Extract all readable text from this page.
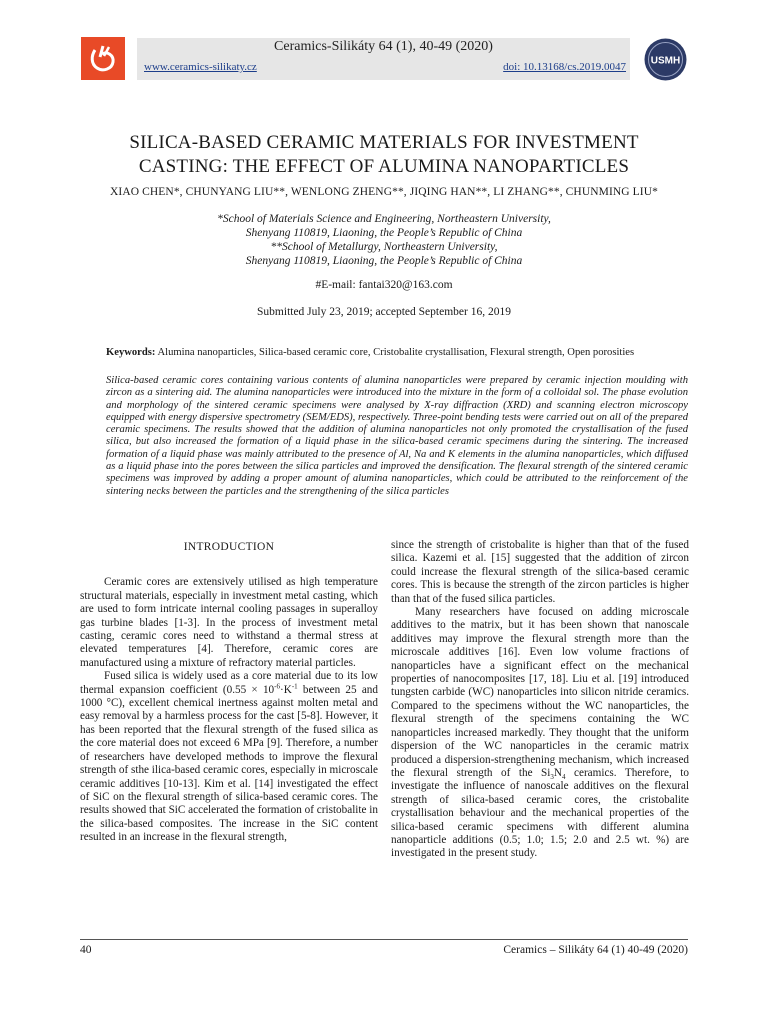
Ceramics-Silikáty 64 (1), 40-49 (2020)
www.ceramics-silikaty.cz	doi: 10.13168/cs.2019.0047 USMH
SILICA-BASED CERAMIC MATERIALS FOR INVESTMENT
CASTING: THE EFFECT OF ALUMINA NANOPARTICLES
XIAO CHEN*, CHUNYANG LIU**, WENLONG ZHENG**, JIQING HAN**, LI ZHANG**, CHUNMING LIU*
*School of Materials Science and Engineering, Northeastern University,
Shenyang 110819, Liaoning, the People’s Republic of China
**School of Metallurgy, Northeastern University,
Shenyang 110819, Liaoning, the People’s Republic of China
#E-mail: fantai320@163.com
Submitted July 23, 2019; accepted September 16, 2019
Keywords: Alumina nanoparticles, Silica-based ceramic core, Cristobalite crystallisation, Flexural strength, Open porosities
Silica-based ceramic cores containing various contents of alumina nanoparticles were prepared by ceramic injection moulding with zircon as a sintering aid. The alumina nanoparticles were introduced into the mixture in the form of a colloidal sol. The phase evolution and morphology of the sintered ceramic specimens were analysed by X-ray diffraction (XRD) and scanning electron microscopy equipped with energy dispersive spectrometry (SEM/EDS), respectively. Three-point bending tests were carried out on all of the prepared ceramic specimens. The results showed that the addition of alumina nanoparticles not only promoted the crystallisation of the fused silica, but also increased the formation of a liquid phase in the silica-based ceramic specimens during the sintering. The increased formation of a liquid phase was mainly attributed to the presence of Al, Na and K elements in the alumina nanoparticles, which diffused as a liquid phase into the pores between the silica particles and improved the densification. The flexural strength of the sintered ceramic specimens was improved by adding a proper amount of alumina nanoparticles, which could be attributed to the reinforcement of the sintering necks between the particles and the strengthening of the silica particles

INTRODUCTION

Ceramic cores are extensively utilised as high temperature structural materials, especially in investment metal casting, which are used to form intricate internal cooling passages in superalloy gas turbine blades [1-3]. In the process of investment metal casting, ceramic cores need to withstand a thermal stress at elevated temperatures [4]. Therefore, ceramic cores are manufactured using a mixture of refractory material particles.

Fused silica is widely used as a core material due to its low thermal expansion coefficient ($0.55 \times 10^{-6}\cdot K^{-1}$ between 25 and 1000 °C), excellent chemical inertness against molten metal and easy removal by a harmless process for the cast [5-8]. However, it has been reported that the flexural strength of the fused silica as the core material does not exceed 6 MPa [9]. Therefore, a number of researchers have developed methods to improve the flexural strength of sthe ilica-based ceramic cores, especially in microscale ceramic additives [10-13]. Kim et al. [14] investigated the effect of SiC on the flexural strength of silica-based ceramic cores. The results showed that SiC accelerated the formation of cristobalite in the silica-based composites. The increase in the SiC content resulted in an increase in the flexural strength,

since the strength of cristobalite is higher than that of the fused silica. Kazemi et al. [15] suggested that the addition of zircon could increase the flexural strength of the silica-based ceramic cores. This is because the strength of the zircon particles is higher than that of the fused silica particles.

Many researchers have focused on adding microscale additives to the matrix, but it has been shown that nanoscale additives may improve the flexural strength more than the microscale additives [16]. Even low volume fractions of nanoparticles have a significant effect on the mechanical properties of nanocomposites [17, 18]. Liu et al. [19] introduced tungsten carbide (WC) nanoparticles into silicon nitride ceramics. Compared to the specimens without the WC nanoparticles, the flexural strength of the specimens containing the WC nanoparticles increased markedly. They thought that the uniform dispersion of the WC nanoparticles in the ceramic matrix produced a dispersion-strengthening mechanism, which increased the flexural strength of the $Si_3N_4$ ceramics. Therefore, to investigate the influence of nanoscale additives on the flexural strength of silica-based ceramic cores, the cristobalite crystallisation behaviour and the mechanical properties of the silica-based ceramic specimens with different alumina nanoparticle additions (0.5; 1.0; 1.5; 2.0 and 2.5 wt. %) are investigated in the present study.

40	Ceramics – Silikáty 64 (1) 40-49 (2020)
